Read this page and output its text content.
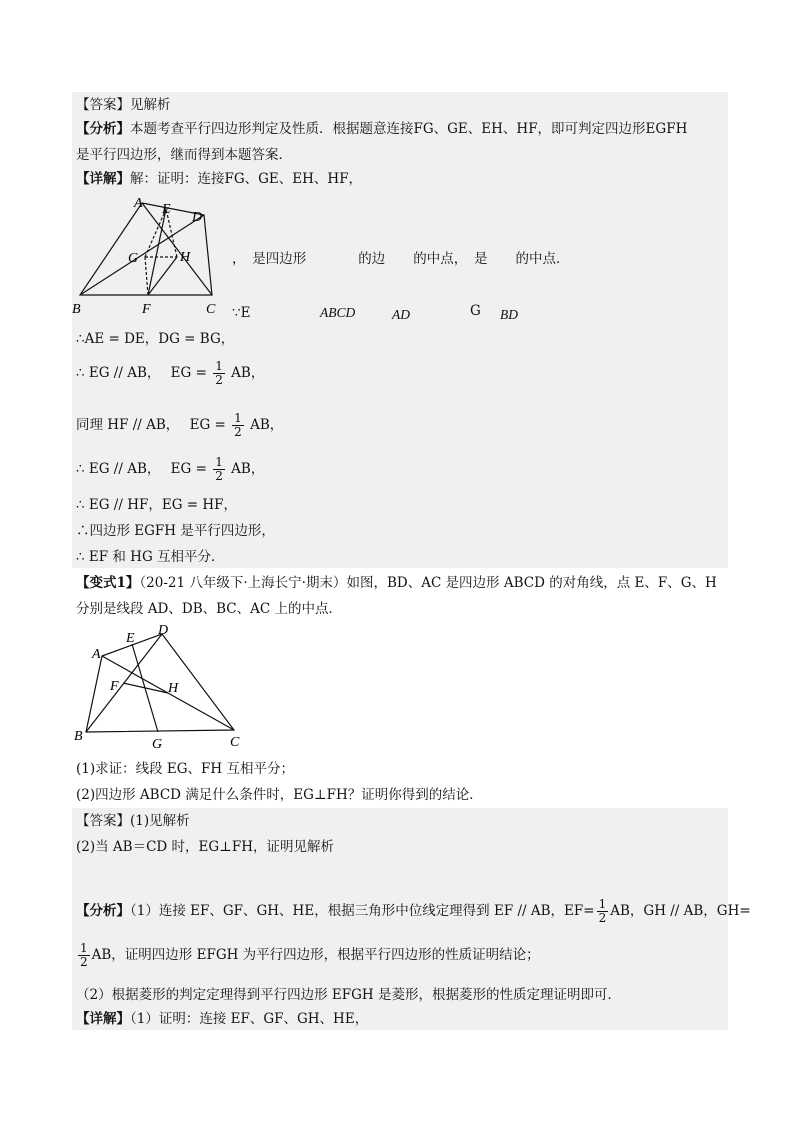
【答案】见解析
【分析】本题考查平行四边形判定及性质．根据题意连接FG、GE、EH、HF，即可判定四边形EGFH
是平行四边形，继而得到本题答案．
【详解】解：证明：连接FG、GE、EH、HF，
A E
D
G	H
B	F	C
，　是四边形	的边 的中点，　是 的中点．
∵E	ABCD	AD	G BD
∴AE = DE，DG = BG，
∴ EG // AB， EG = $\frac{1}{2}$ AB，
同理 HF // AB， EG = $\frac{1}{2}$ AB，
∴ EG // AB， EG = $\frac{1}{2}$ AB，
∴ EG // HF，EG = HF，
∴四边形 EGFH 是平行四边形，
∴ EF 和 HG 互相平分．
【变式1】（20-21 八年级下·上海长宁·期末）如图，BD、AC 是四边形 ABCD 的对角线，点 E、F、G、H
分别是线段 AD、DB、BC、AC 上的中点．
D
E
A
F	H
B
G	C
(1)求证：线段 EG、FH 互相平分；
(2)四边形 ABCD 满足什么条件时，EG⊥FH？证明你得到的结论．
【答案】(1)见解析
(2)当 AB＝CD 时，EG⊥FH，证明见解析
【分析】（1）连接 EF、GF、GH、HE，根据三角形中位线定理得到 EF // AB，$EF= \frac{1}{2}$ AB，GH // AB，GH=
$\frac{1}{2}$ AB，证明四边形 EFGH 为平行四边形，根据平行四边形的性质证明结论；
（2）根据菱形的判定定理得到平行四边形 EFGH 是菱形，根据菱形的性质定理证明即可．
【详解】（1）证明：连接 EF、GF、GH、HE，
